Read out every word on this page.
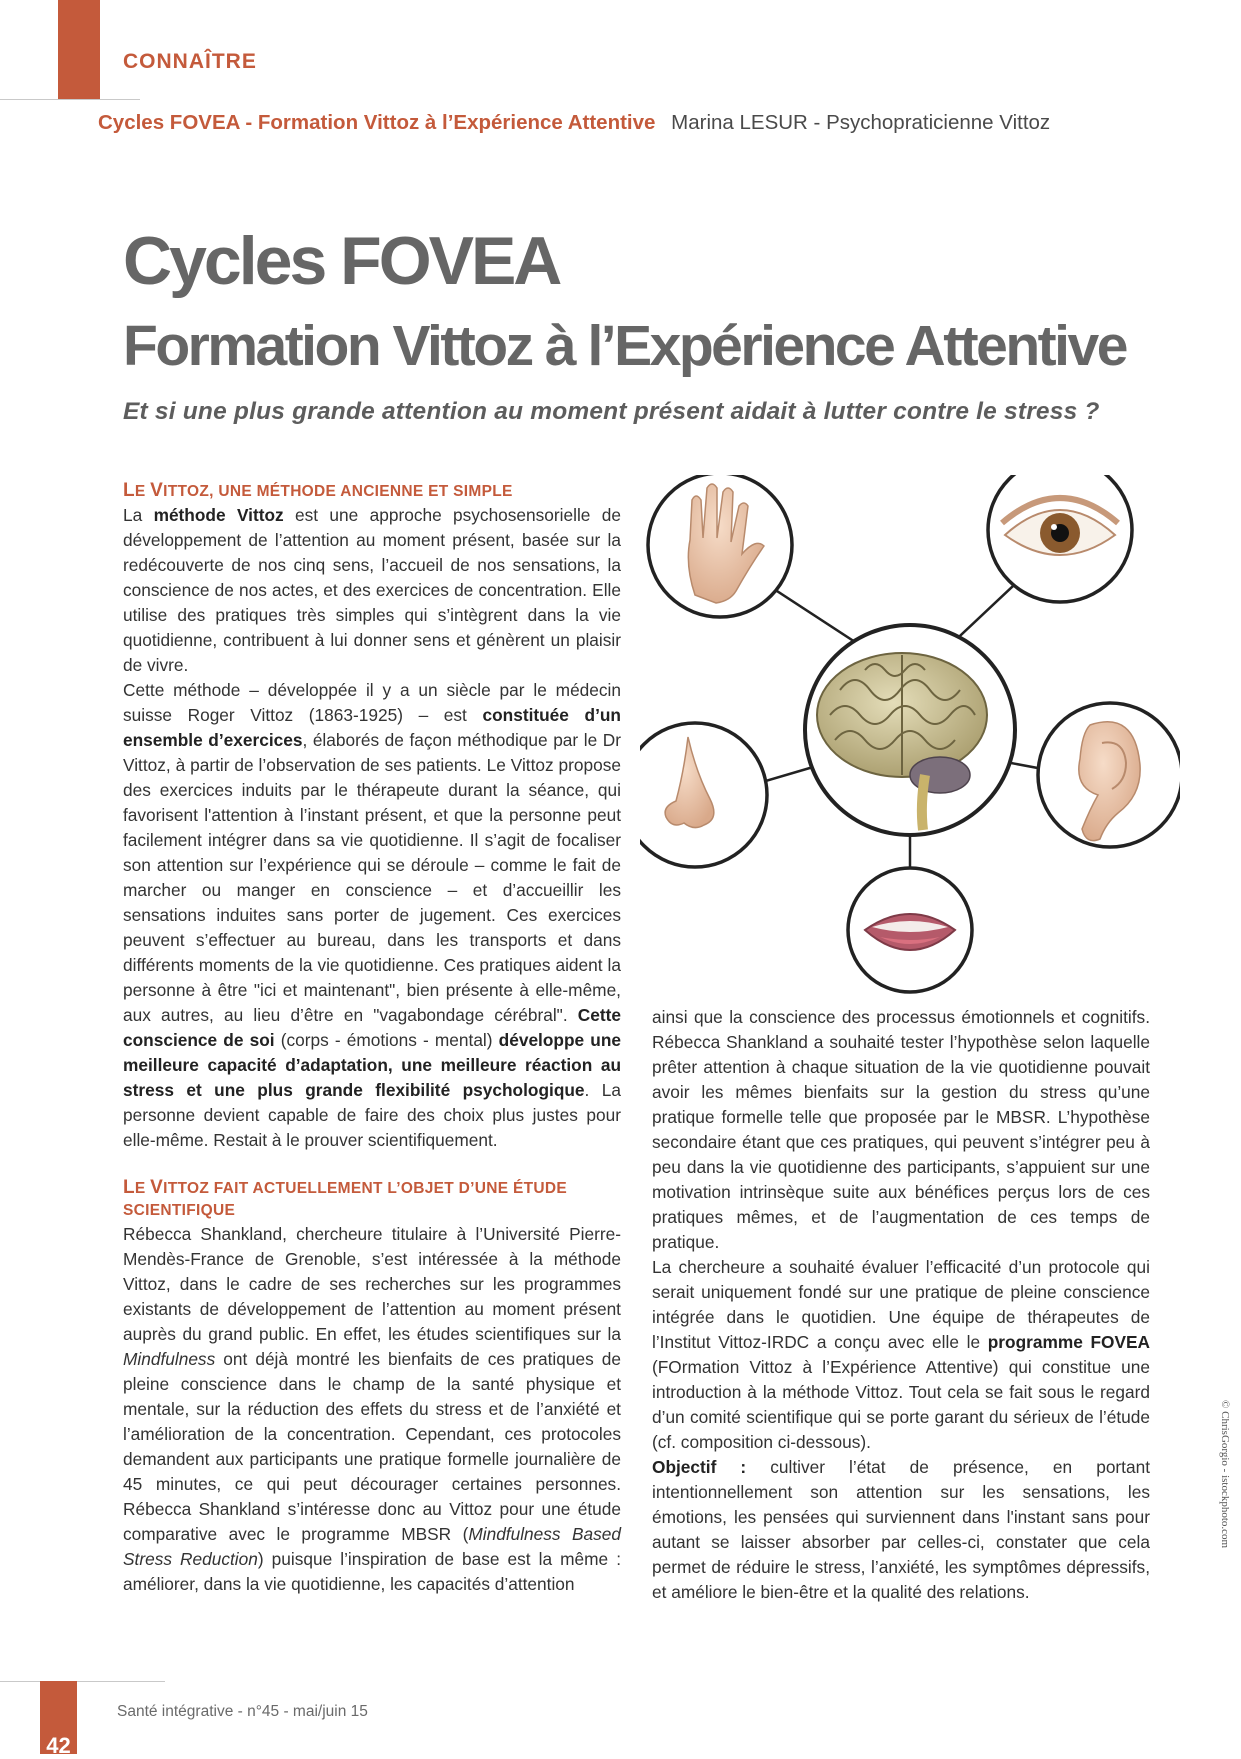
CONNAÎTRE
Cycles FOVEA - Formation Vittoz à l’Expérience Attentive Marina LESUR - Psychopraticienne Vittoz
Cycles FOVEA
Formation Vittoz à l’Expérience Attentive
Et si une plus grande attention au moment présent aidait à lutter contre le stress ?
LE VITTOZ, UNE MÉTHODE ANCIENNE ET SIMPLE

La méthode Vittoz est une approche psychosensorielle de développement de l’attention au moment présent, basée sur la redécouverte de nos cinq sens, l’accueil de nos sensations, la conscience de nos actes, et des exercices de concentration. Elle utilise des pratiques très simples qui s’intègrent dans la vie quotidienne, contribuent à lui donner sens et génèrent un plaisir de vivre.

Cette méthode – développée il y a un siècle par le médecin suisse Roger Vittoz (1863-1925) – est constituée d’un ensemble d’exercices, élaborés de façon méthodique par le Dr Vittoz, à partir de l’observation de ses patients. Le Vittoz propose des exercices induits par le thérapeute durant la séance, qui favorisent l'attention à l’instant présent, et que la personne peut facilement intégrer dans sa vie quotidienne. Il s’agit de focaliser son attention sur l’expérience qui se déroule – comme le fait de marcher ou manger en conscience – et d’accueillir les sensations induites sans porter de jugement. Ces exercices peuvent s’effectuer au bureau, dans les transports et dans différents moments de la vie quotidienne. Ces pratiques aident la personne à être "ici et maintenant", bien présente à elle-même, aux autres, au lieu d’être en "vagabondage cérébral". Cette conscience de soi (corps - émotions - mental) développe une meilleure capacité d’adaptation, une meilleure réaction au stress et une plus grande flexibilité psychologique. La personne devient capable de faire des choix plus justes pour elle-même. Restait à le prouver scientifiquement.

LE VITTOZ FAIT ACTUELLEMENT L’OBJET D’UNE ÉTUDE SCIENTIFIQUE

Rébecca Shankland, chercheure titulaire à l’Université Pierre-Mendès-France de Grenoble, s’est intéressée à la méthode Vittoz, dans le cadre de ses recherches sur les programmes existants de développement de l’attention au moment présent auprès du grand public. En effet, les études scientifiques sur la Mindfulness ont déjà montré les bienfaits de ces pratiques de pleine conscience dans le champ de la santé physique et mentale, sur la réduction des effets du stress et de l’anxiété et l’amélioration de la concentration. Cependant, ces protocoles demandent aux participants une pratique formelle journalière de 45 minutes, ce qui peut décourager certaines personnes. Rébecca Shankland s’intéresse donc au Vittoz pour une étude comparative avec le programme MBSR (Mindfulness Based Stress Reduction) puisque l’inspiration de base est la même : améliorer, dans la vie quotidienne, les capacités d’attention

ainsi que la conscience des processus émotionnels et cognitifs. Rébecca Shankland a souhaité tester l’hypothèse selon laquelle prêter attention à chaque situation de la vie quotidienne pouvait avoir les mêmes bienfaits sur la gestion du stress qu’une pratique formelle telle que proposée par le MBSR. L’hypothèse secondaire étant que ces pratiques, qui peuvent s’intégrer peu à peu dans la vie quotidienne des participants, s’appuient sur une motivation intrinsèque suite aux bénéfices perçus lors de ces pratiques mêmes, et de l’augmentation de ces temps de pratique.

La chercheure a souhaité évaluer l’efficacité d’un protocole qui serait uniquement fondé sur une pratique de pleine conscience intégrée dans le quotidien. Une équipe de thérapeutes de l’Institut Vittoz-IRDC a conçu avec elle le programme FOVEA (FOrmation Vittoz à l’Expérience Attentive) qui constitue une introduction à la méthode Vittoz. Tout cela se fait sous le regard d’un comité scientifique qui se porte garant du sérieux de l’étude (cf. composition ci-dessous).

Objectif : cultiver l’état de présence, en portant intentionnellement son attention sur les sensations, les émotions, les pensées qui surviennent dans l'instant sans pour autant se laisser absorber par celles-ci, constater que cela permet de réduire le stress, l’anxiété, les symptômes dépressifs, et améliore le bien-être et la qualité des relations.

© ChrisGorgio - istockphoto.com
42
Santé intégrative - n°45 - mai/juin 15
